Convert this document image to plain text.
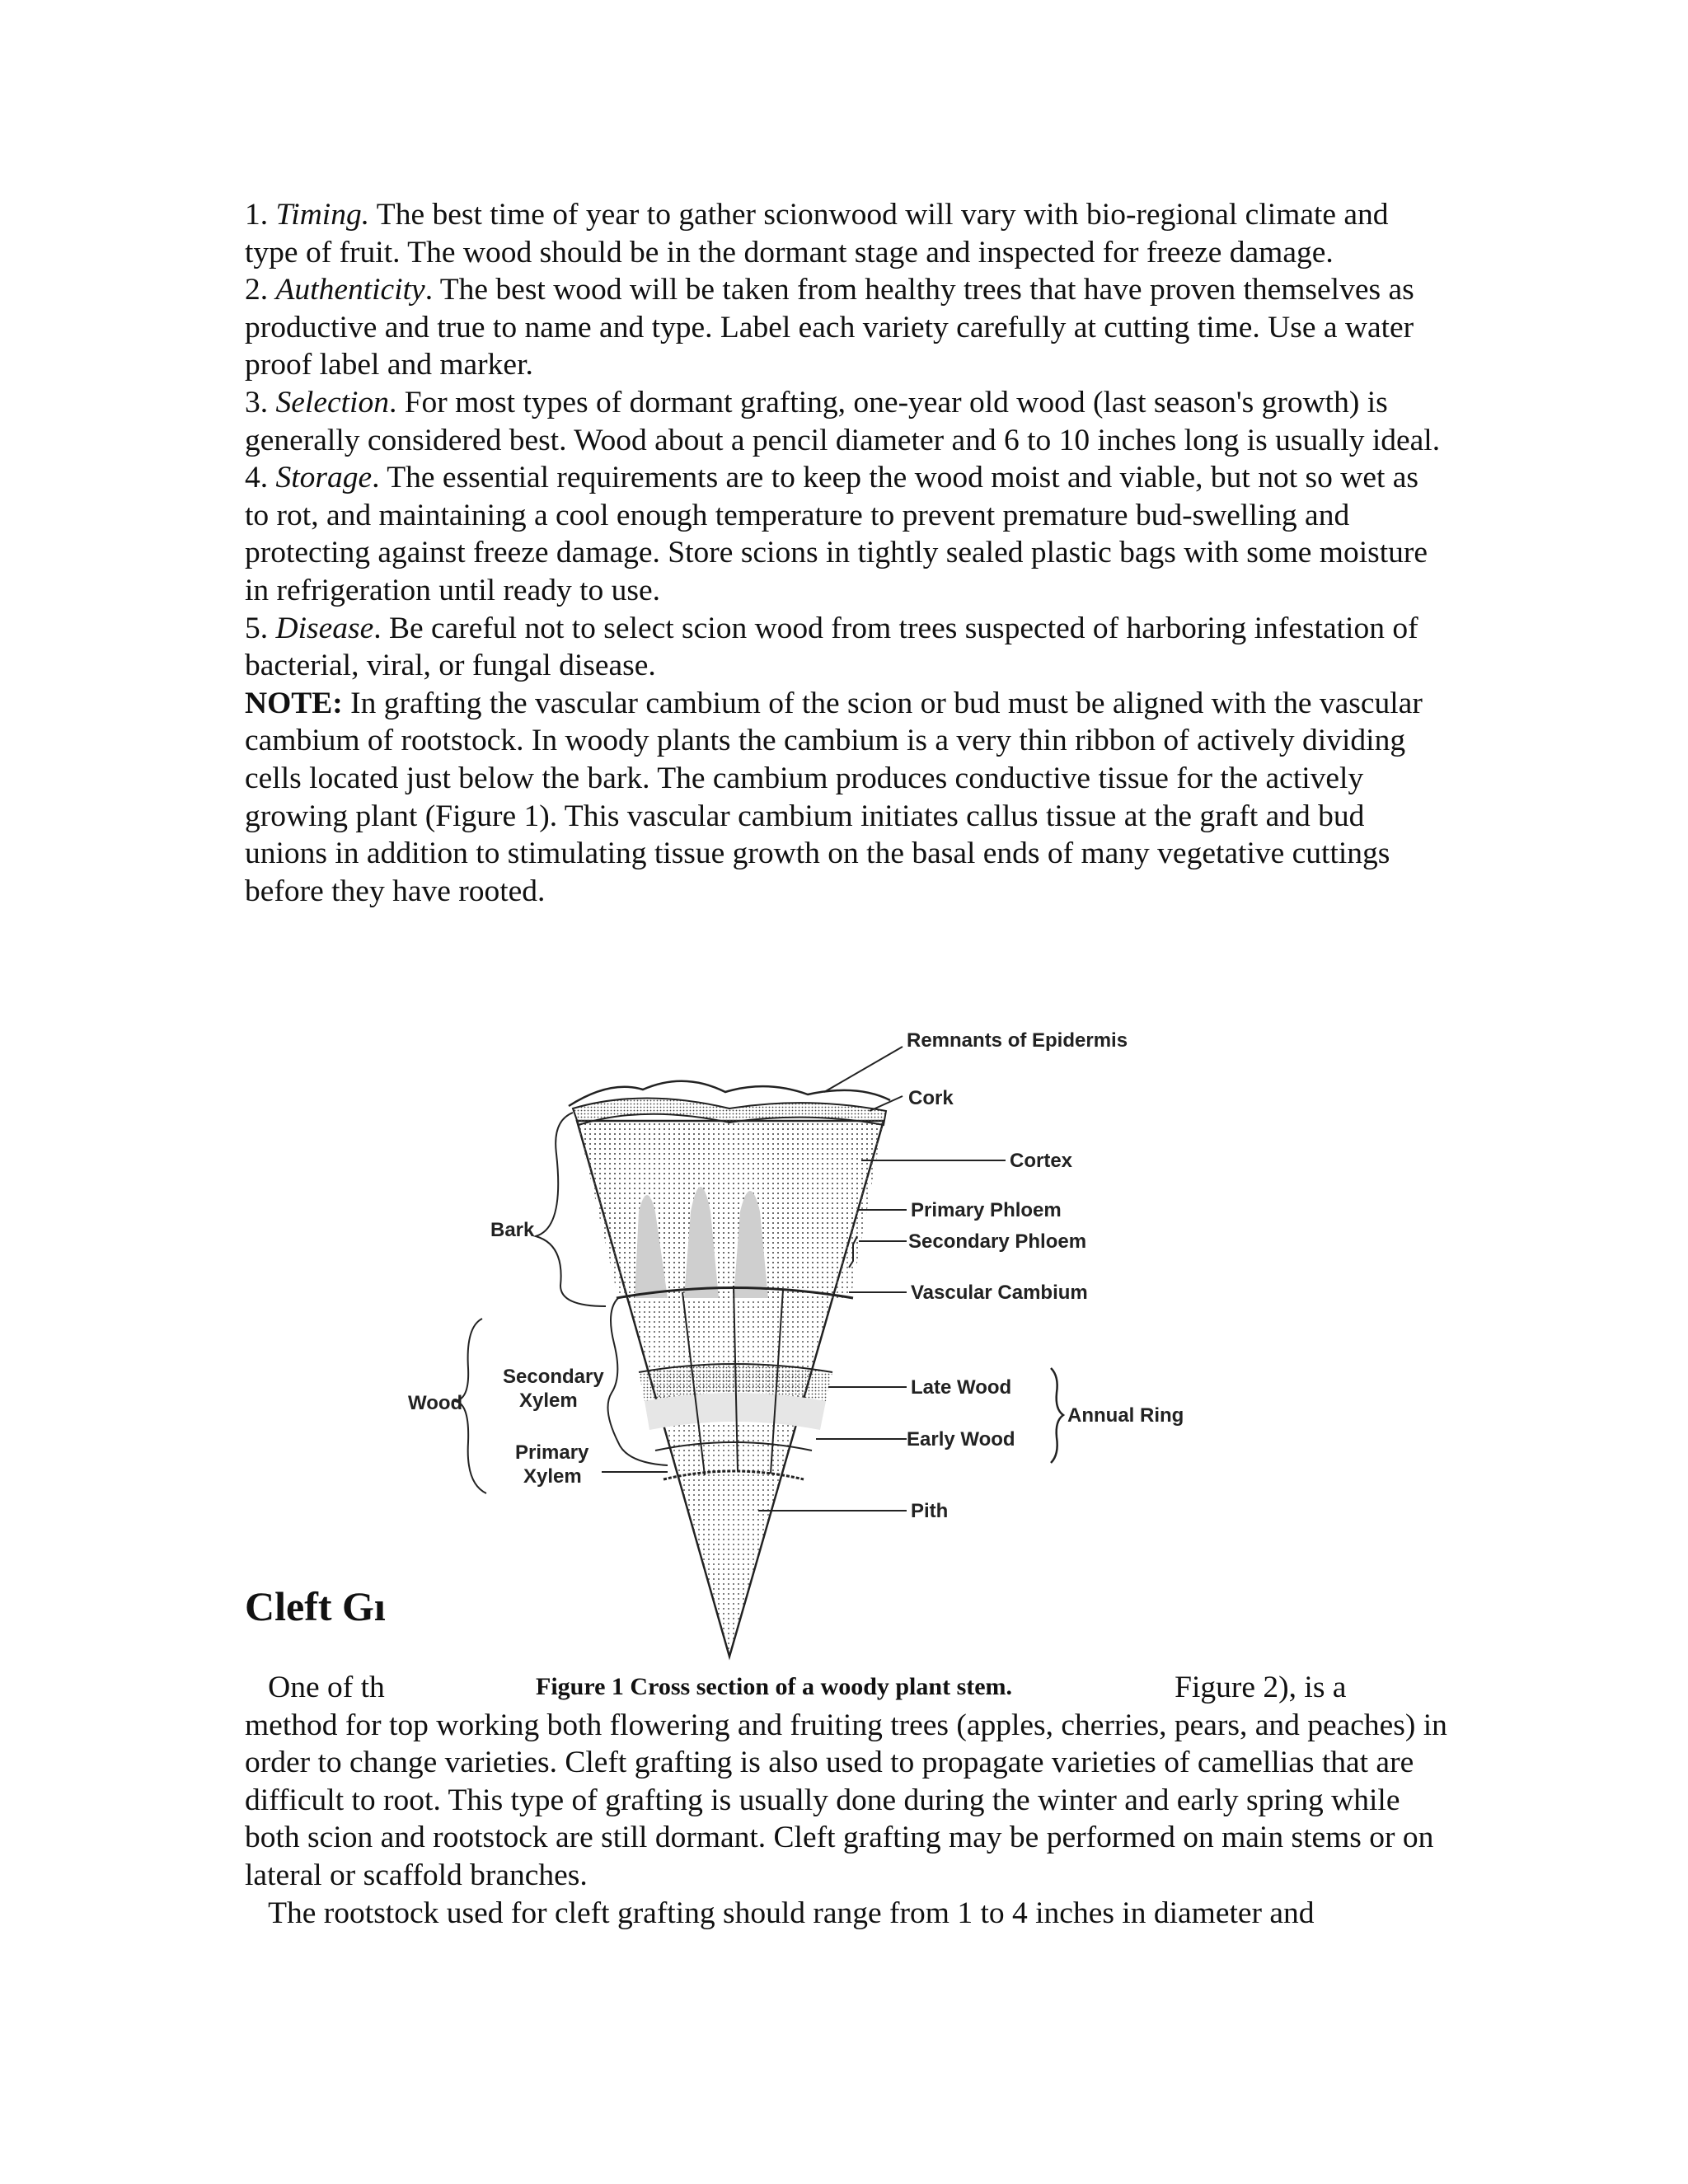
1. Timing. The best time of year to gather scionwood will vary with bio-regional climate and type of fruit. The wood should be in the dormant stage and inspected for freeze damage.

2. Authenticity. The best wood will be taken from healthy trees that have proven themselves as productive and true to name and type. Label each variety carefully at cutting time. Use a water proof label and marker.

3. Selection. For most types of dormant grafting, one-year old wood (last season's growth) is generally considered best. Wood about a pencil diameter and 6 to 10 inches long is usually ideal.

4. Storage. The essential requirements are to keep the wood moist and viable, but not so wet as to rot, and maintaining a cool enough temperature to prevent premature bud-swelling and protecting against freeze damage. Store scions in tightly sealed plastic bags with some moisture in refrigeration until ready to use.

5. Disease. Be careful not to select scion wood from trees suspected of harboring infestation of bacterial, viral, or fungal disease.

NOTE: In grafting the vascular cambium of the scion or bud must be aligned with the vascular cambium of rootstock. In woody plants the cambium is a very thin ribbon of actively dividing cells located just below the bark. The cambium produces conductive tissue for the actively growing plant (Figure 1). This vascular cambium initiates callus tissue at the graft and bud unions in addition to stimulating tissue growth on the basal ends of many vegetative cuttings before they have rooted.

Bark
Wood
Secondary
Xylem
Primary
Xylem
Remnants of Epidermis
Cork
Cortex
Primary Phloem
Secondary Phloem
Vascular Cambium
Late Wood
Early Wood
Annual Ring
Pith
Cleft Gı

One of th	Figure 2), is a

method for top working both flowering and fruiting trees (apples, cherries, pears, and peaches) in order to change varieties. Cleft grafting is also used to propagate varieties of camellias that are difficult to root. This type of grafting is usually done during the winter and early spring while both scion and rootstock are still dormant. Cleft grafting may be performed on main stems or on lateral or scaffold branches.

The rootstock used for cleft grafting should range from 1 to 4 inches in diameter and

Figure 1 Cross section of a woody plant stem.
